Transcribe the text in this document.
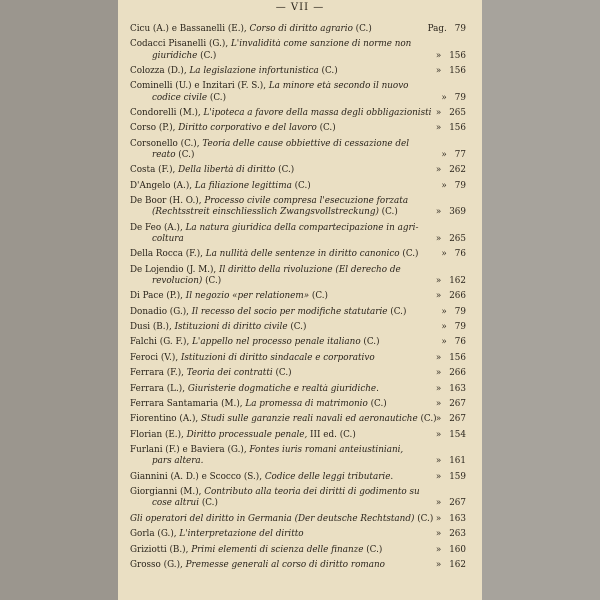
— VII —
Cicu (A.) e Bassanelli (E.), Corso di diritto agrario (C.)	Pag. 79
Codacci Pisanelli (G.), L'invalidità come sanzione di norme non
giuridiche (C.)	» 156
Colozza (D.), La legislazione infortunistica (C.)	» 156
Cominelli (U.) e Inzitari (F. S.), La minore età secondo il nuovo
codice civile (C.)	» 79
Condorelli (M.), L'ipoteca a favore della massa degli obbligazionisti » 265
Corso (P.), Diritto corporativo e del lavoro (C.)	» 156
Corsonello (C.), Teoria delle cause obbiettive di cessazione del
reato (C.)	» 77
Costa (F.), Della libertà di diritto (C.)	» 262
D'Angelo (A.), La filiazione legittima (C.)	» 79
De Boor (H. O.), Processo civile compresa l'esecuzione forzata
(Rechtsstreit einschliesslich Zwangsvollstreckung) (C.)	» 369
De Feo (A.), La natura giuridica della compartecipazione in agri-
coltura	» 265
Della Rocca (F.), La nullità delle sentenze in diritto canonico (C.)	» 76
De Lojendio (J. M.), Il diritto della rivoluzione (El derecho de
revolucion) (C.)	» 162
Di Pace (P.), Il negozio «per relationem» (C.)	» 266
Donadio (G.), Il recesso del socio per modifiche statutarie (C.)	» 79
Dusi (B.), Istituzioni di diritto civile (C.)	» 79
Falchi (G. F.), L'appello nel processo penale italiano (C.)	» 76
Feroci (V.), Istituzioni di diritto sindacale e corporativo	» 156
Ferrara (F.), Teoria dei contratti (C.)	» 266
Ferrara (L.), Giuristerie dogmatiche e realtà giuridiche.	» 163
Ferrara Santamaria (M.), La promessa di matrimonio (C.)	» 267
Fiorentino (A.), Studi sulle garanzie reali navali ed aeronautiche (C.) » 267
Florian (E.), Diritto processuale penale, III ed. (C.)	» 154
Furlani (F.) e Baviera (G.), Fontes iuris romani anteiustiniani,
pars altera.	» 161
Giannini (A. D.) e Scocco (S.), Codice delle leggi tributarie.	» 159
Giorgianni (M.), Contributo alla teoria dei diritti di godimento su
cose altrui (C.)	» 267
Gli operatori del diritto in Germania (Der deutsche Rechtstand) (C.) » 163
Gorla (G.), L'interpretazione del diritto	» 263
Griziotti (B.), Primi elementi di scienza delle finanze (C.)	» 160
Grosso (G.), Premesse generali al corso di diritto romano	» 162
